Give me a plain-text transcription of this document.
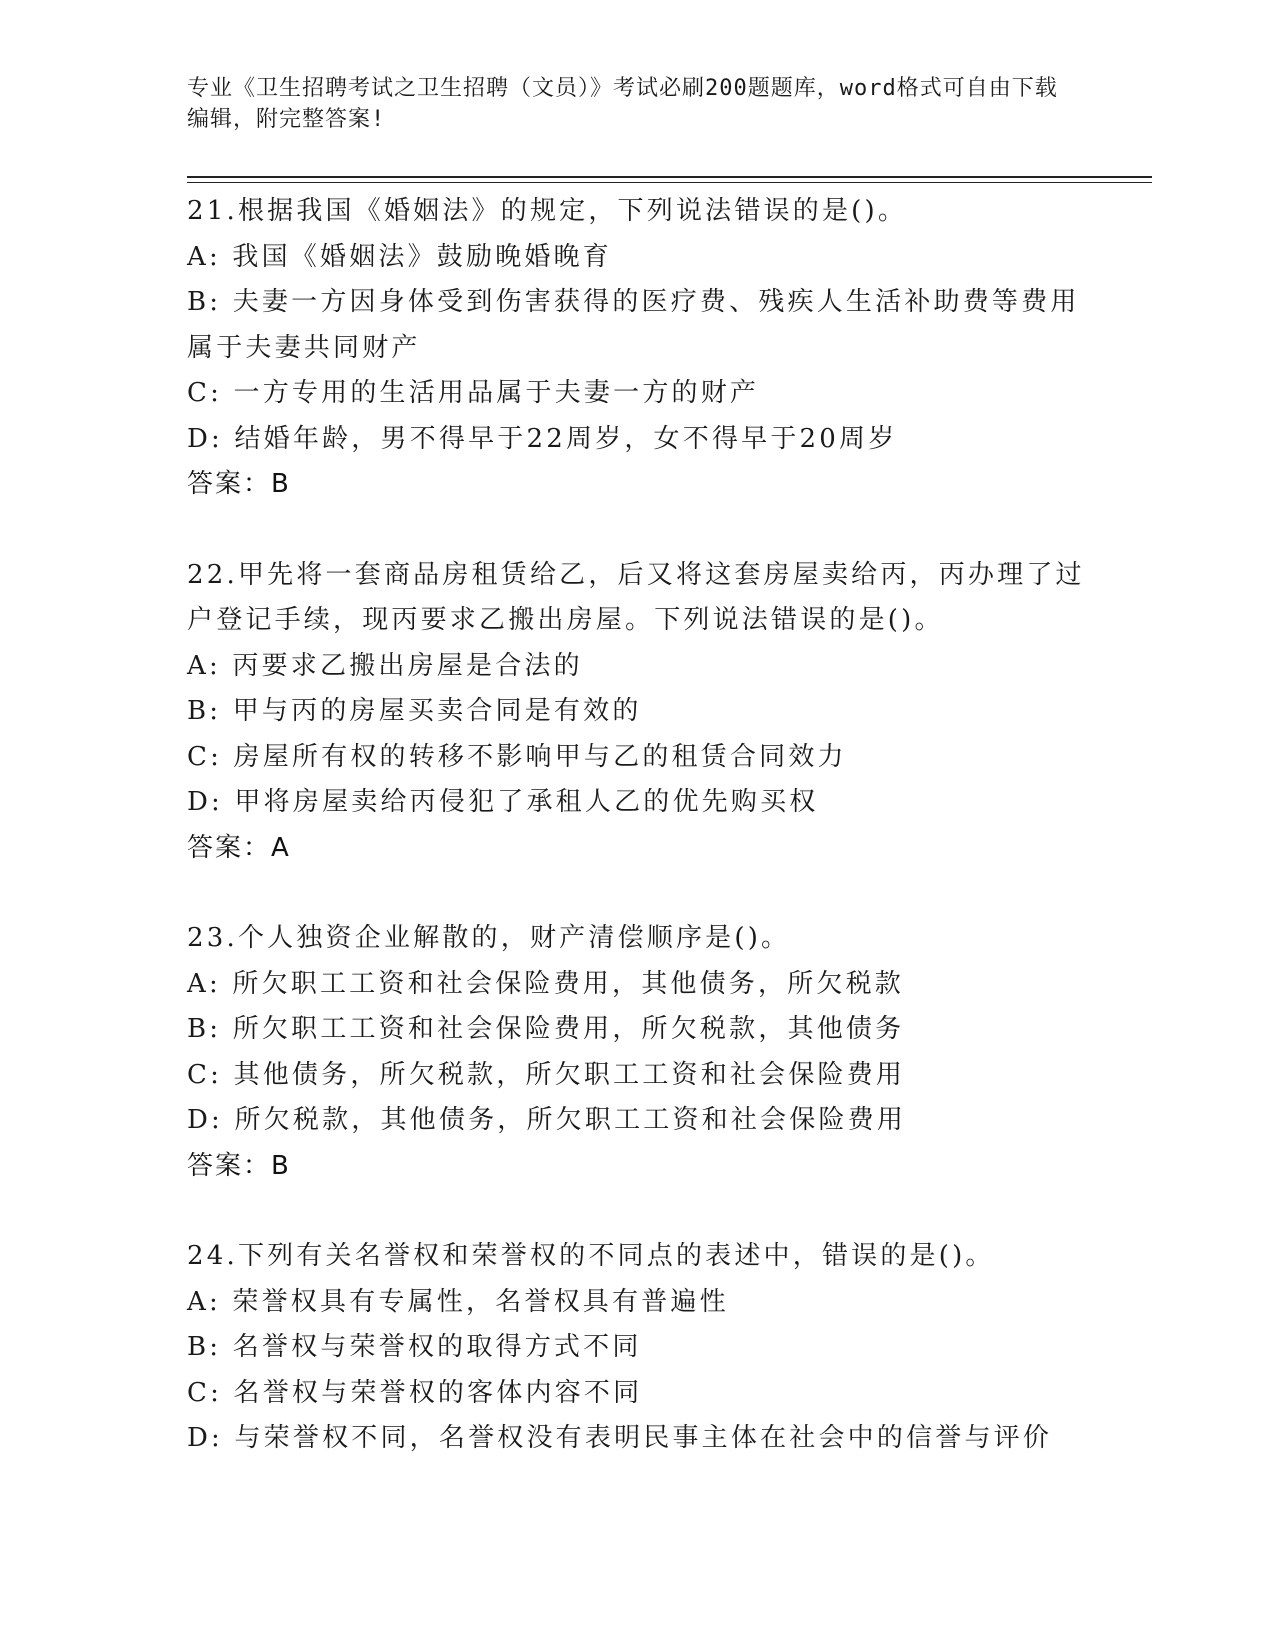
专业《卫生招聘考试之卫生招聘（文员）》考试必刷200题题库，word格式可自由下载编辑，附完整答案!
21.根据我国《婚姻法》的规定，下列说法错误的是()。
A: 我国《婚姻法》鼓励晚婚晚育
B: 夫妻一方因身体受到伤害获得的医疗费、残疾人生活补助费等费用属于夫妻共同财产
C: 一方专用的生活用品属于夫妻一方的财产
D: 结婚年龄，男不得早于22周岁，女不得早于20周岁
答案：B
22.甲先将一套商品房租赁给乙，后又将这套房屋卖给丙，丙办理了过户登记手续，现丙要求乙搬出房屋。下列说法错误的是()。
A: 丙要求乙搬出房屋是合法的
B: 甲与丙的房屋买卖合同是有效的
C: 房屋所有权的转移不影响甲与乙的租赁合同效力
D: 甲将房屋卖给丙侵犯了承租人乙的优先购买权
答案：A
23.个人独资企业解散的，财产清偿顺序是()。
A: 所欠职工工资和社会保险费用，其他债务，所欠税款
B: 所欠职工工资和社会保险费用，所欠税款，其他债务
C: 其他债务，所欠税款，所欠职工工资和社会保险费用
D: 所欠税款，其他债务，所欠职工工资和社会保险费用
答案：B
24.下列有关名誉权和荣誉权的不同点的表述中，错误的是()。
A: 荣誉权具有专属性，名誉权具有普遍性
B: 名誉权与荣誉权的取得方式不同
C: 名誉权与荣誉权的客体内容不同
D: 与荣誉权不同，名誉权没有表明民事主体在社会中的信誉与评价
